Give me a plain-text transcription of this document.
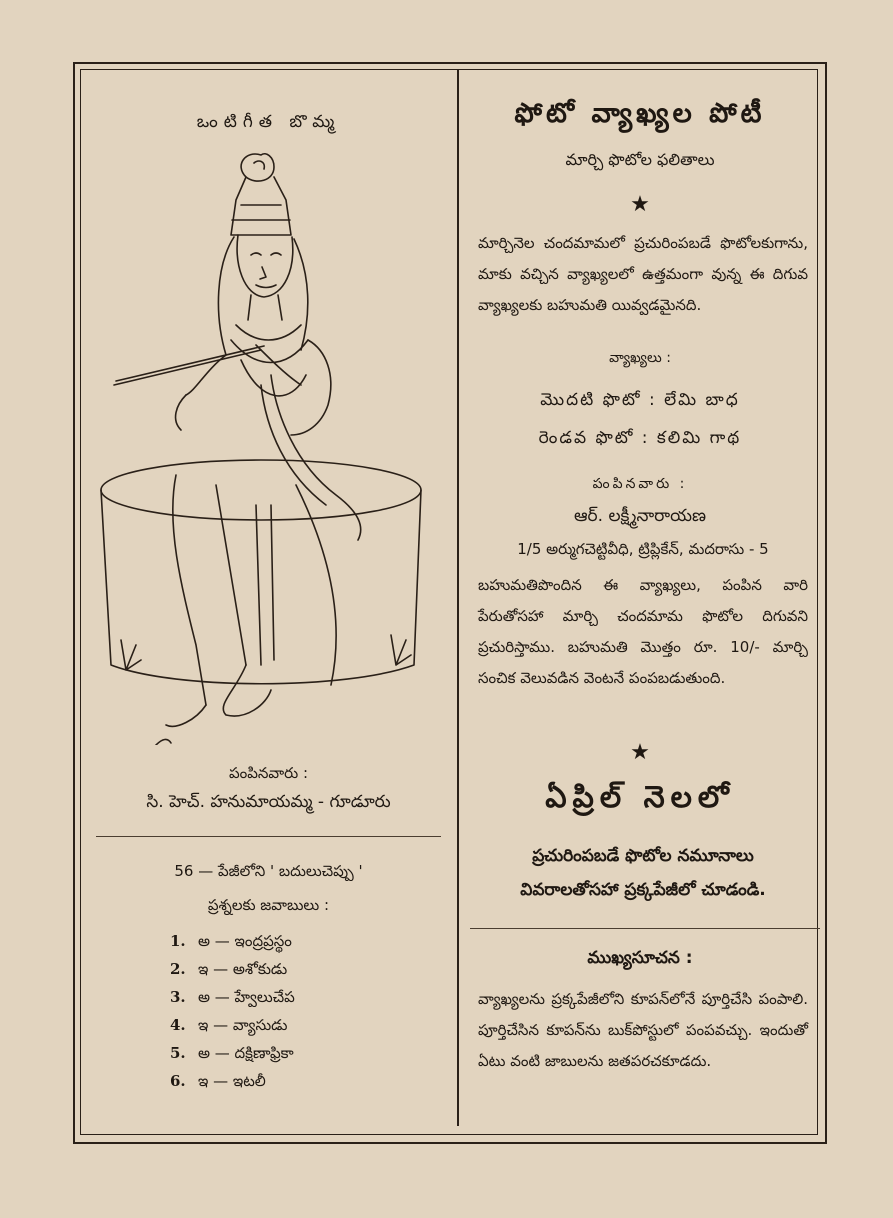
ఒంటిగీత బొమ్మ
పంపినవారు :
సి. హెచ్. హనుమాయమ్మ - గూడూరు
56 — పేజీలోని ' బదులుచెప్పు '
ప్రశ్నలకు జవాబులు :
1. అ — ఇంద్రప్రస్థం
2. ఇ — అశోకుడు
3. అ — హ్వేలుచేప
4. ఇ — వ్యాసుడు
5. అ — దక్షిణాఫ్రికా
6. ఇ — ఇటలీ
ఫోటో వ్యాఖ్యల పోటీ
మార్చి ఫొటోల ఫలితాలు
★
మార్చినెల చందమామలో ప్రచురింపబడే ఫొటోలకుగాను, మాకు వచ్చిన వ్యాఖ్యలలో ఉత్తమంగా వున్న ఈ దిగువ వ్యాఖ్యలకు బహుమతి యివ్వడమైనది.
వ్యాఖ్యలు :
మొదటి ఫొటో : లేమి బాధ
రెండవ ఫొటో : కలిమి గాథ
పంపినవారు :
ఆర్. లక్ష్మీనారాయణ
1/5 అర్ముగచెట్టివీధి, ట్రిప్లికేన్, మదరాసు - 5
బహుమతిపొందిన ఈ వ్యాఖ్యలు, పంపిన వారి పేరుతోసహా మార్చి చందమామ ఫొటోల దిగువని ప్రచురిస్తాము. బహుమతి మొత్తం రూ. 10/- మార్చి సంచిక వెలువడిన వెంటనే పంపబడుతుంది.
★
ఏప్రిల్ నెలలో
ప్రచురింపబడే ఫొటోల నమూనాలు
వివరాలతోసహా ప్రక్కపేజీలో చూడండి.
ముఖ్యసూచన :
వ్యాఖ్యలను ప్రక్కపేజీలోని కూపన్‌లోనే పూర్తిచేసి పంపాలి. పూర్తిచేసిన కూపన్‌ను బుక్‌పోస్టులో పంపవచ్చు. ఇందుతో ఏటు వంటి జాబులను జతపరచకూడదు.
